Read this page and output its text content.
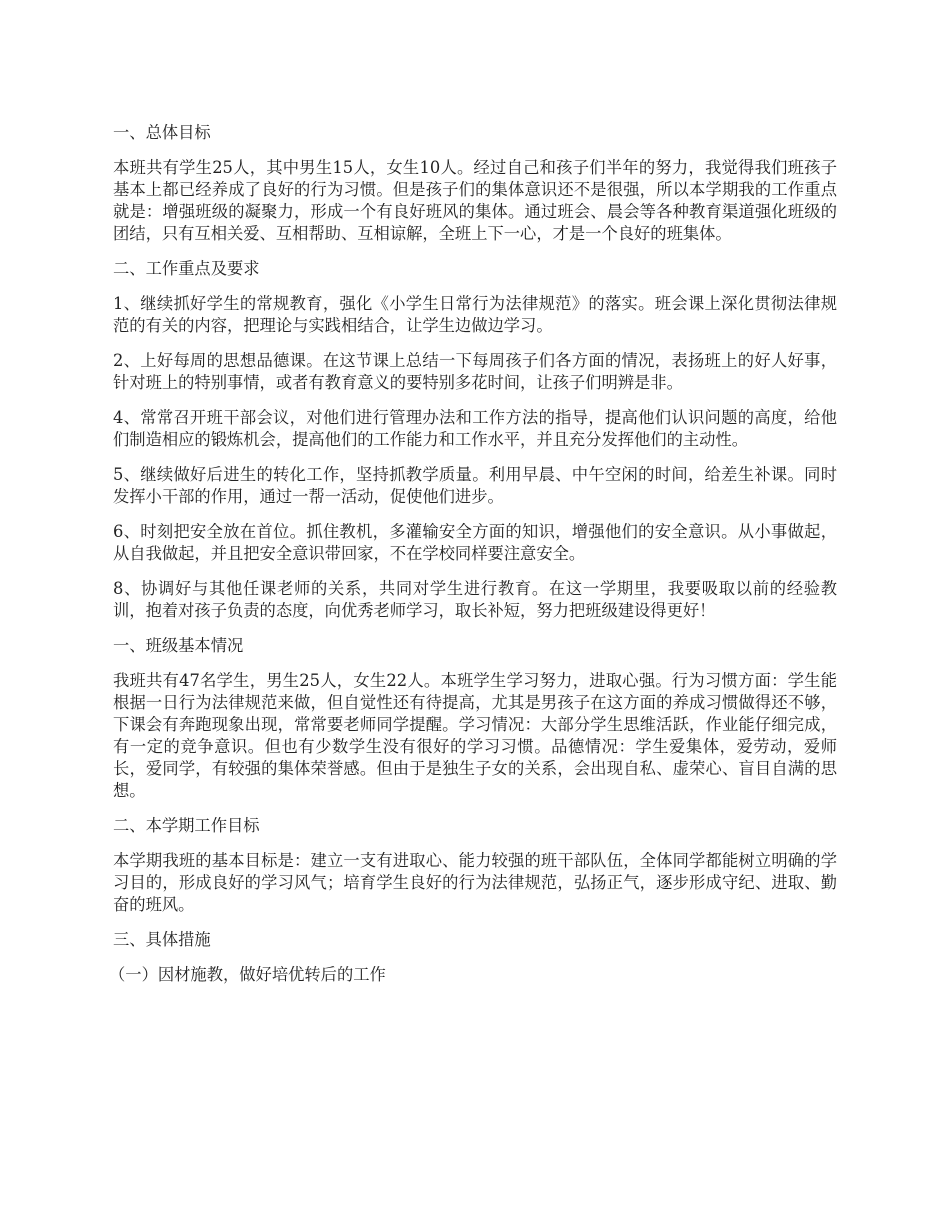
一、总体目标
本班共有学生25人，其中男生15人，女生10人。经过自己和孩子们半年的努力，我觉得我们班孩子基本上都已经养成了良好的行为习惯。但是孩子们的集体意识还不是很强，所以本学期我的工作重点就是：增强班级的凝聚力，形成一个有良好班风的集体。通过班会、晨会等各种教育渠道强化班级的团结，只有互相关爱、互相帮助、互相谅解，全班上下一心，才是一个良好的班集体。
二、工作重点及要求
1、继续抓好学生的常规教育，强化《小学生日常行为法律规范》的落实。班会课上深化贯彻法律规范的有关的内容，把理论与实践相结合，让学生边做边学习。
2、上好每周的思想品德课。在这节课上总结一下每周孩子们各方面的情况，表扬班上的好人好事，针对班上的特别事情，或者有教育意义的要特别多花时间，让孩子们明辨是非。
4、常常召开班干部会议，对他们进行管理办法和工作方法的指导，提高他们认识问题的高度，给他们制造相应的锻炼机会，提高他们的工作能力和工作水平，并且充分发挥他们的主动性。
5、继续做好后进生的转化工作，坚持抓教学质量。利用早晨、中午空闲的时间，给差生补课。同时发挥小干部的作用，通过一帮一活动，促使他们进步。
6、时刻把安全放在首位。抓住教机，多灌输安全方面的知识，增强他们的安全意识。从小事做起，从自我做起，并且把安全意识带回家，不在学校同样要注意安全。
8、协调好与其他任课老师的关系，共同对学生进行教育。在这一学期里，我要吸取以前的经验教训，抱着对孩子负责的态度，向优秀老师学习，取长补短，努力把班级建设得更好！
一、班级基本情况
我班共有47名学生，男生25人，女生22人。本班学生学习努力，进取心强。行为习惯方面：学生能根据一日行为法律规范来做，但自觉性还有待提高，尤其是男孩子在这方面的养成习惯做得还不够，下课会有奔跑现象出现，常常要老师同学提醒。学习情况：大部分学生思维活跃，作业能仔细完成，有一定的竞争意识。但也有少数学生没有很好的学习习惯。品德情况：学生爱集体，爱劳动，爱师长，爱同学，有较强的集体荣誉感。但由于是独生子女的关系，会出现自私、虚荣心、盲目自满的思想。
二、本学期工作目标
本学期我班的基本目标是：建立一支有进取心、能力较强的班干部队伍，全体同学都能树立明确的学习目的，形成良好的学习风气；培育学生良好的行为法律规范，弘扬正气，逐步形成守纪、进取、勤奋的班风。
三、具体措施
（一）因材施教，做好培优转后的工作
